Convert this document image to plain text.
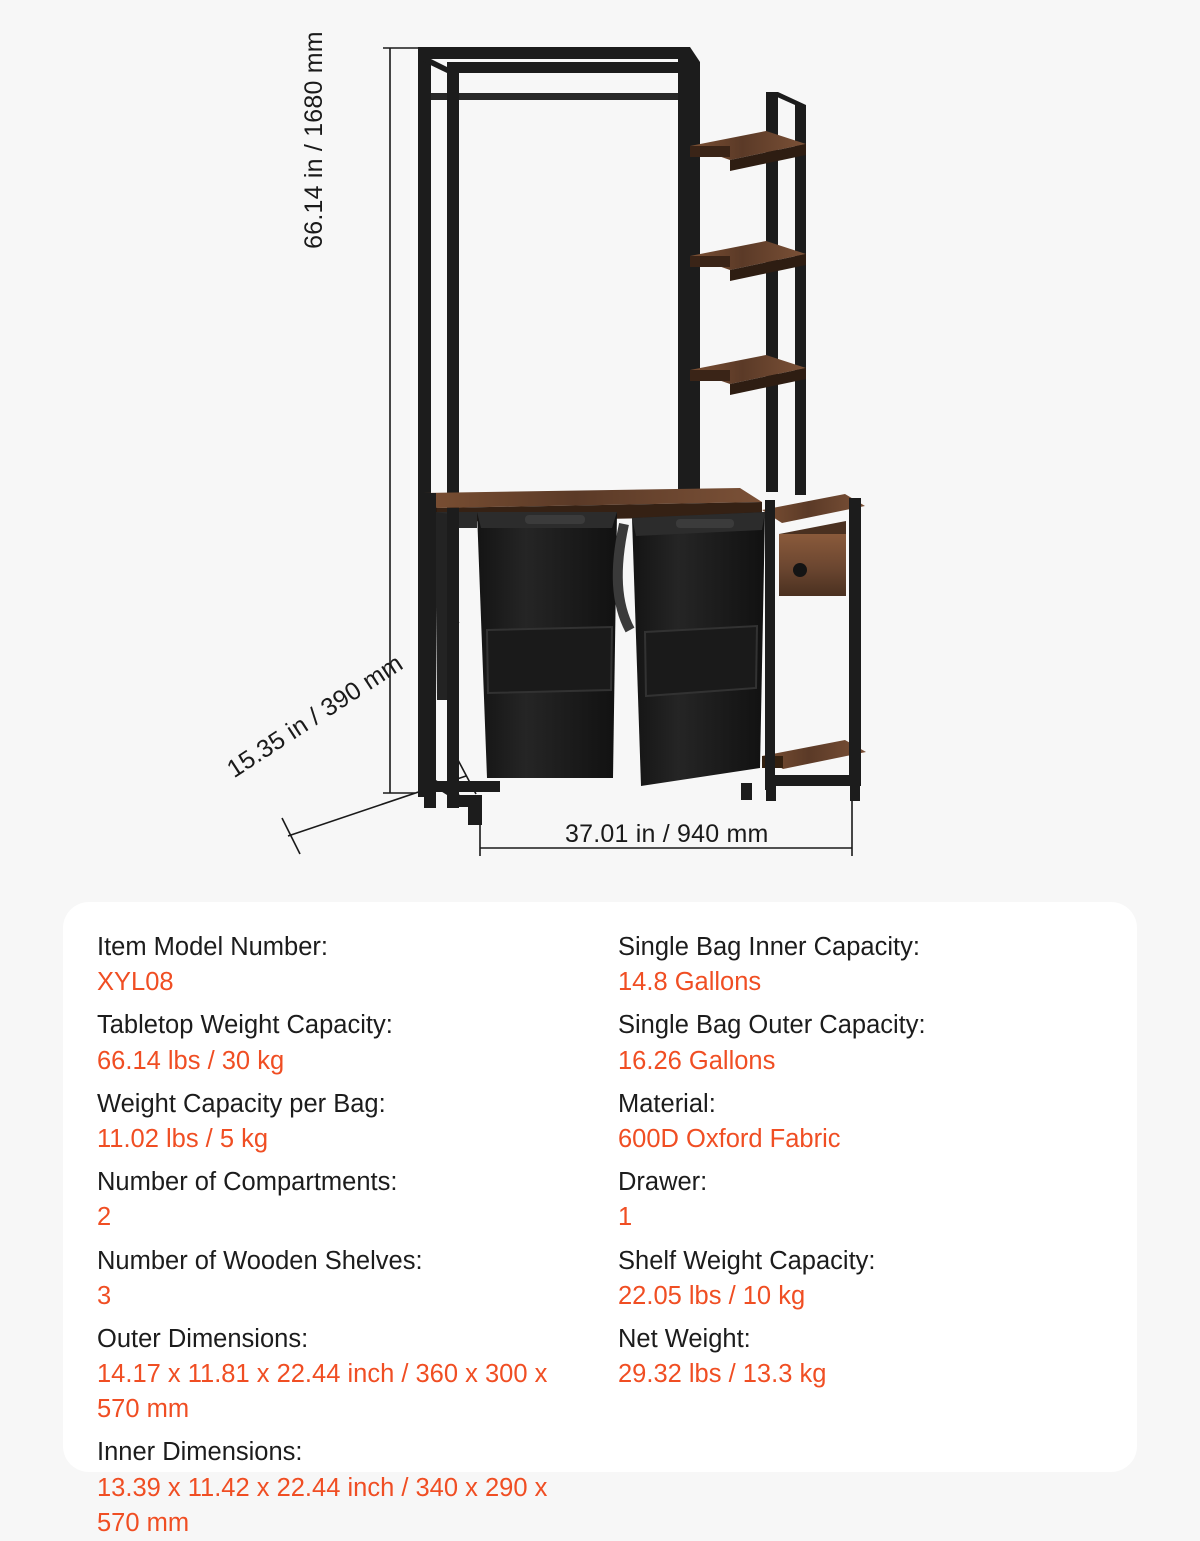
66.14 in / 1680 mm
15.35 in / 390 mm
37.01 in / 940 mm
Item Model Number:
XYL08
Tabletop Weight Capacity:
66.14 lbs / 30 kg
Weight Capacity per Bag:
11.02 lbs / 5 kg
Number of Compartments:
2
Number of Wooden Shelves:
3
Outer Dimensions:
14.17 x 11.81 x 22.44 inch / 360 x 300 x 570 mm
Inner Dimensions:
13.39 x 11.42 x 22.44 inch / 340 x 290 x 570 mm
Single Bag Inner Capacity:
14.8 Gallons
Single Bag Outer Capacity:
16.26 Gallons
Material:
600D Oxford Fabric
Drawer:
1
Shelf Weight Capacity:
22.05 lbs / 10 kg
Net Weight:
29.32 lbs / 13.3 kg
